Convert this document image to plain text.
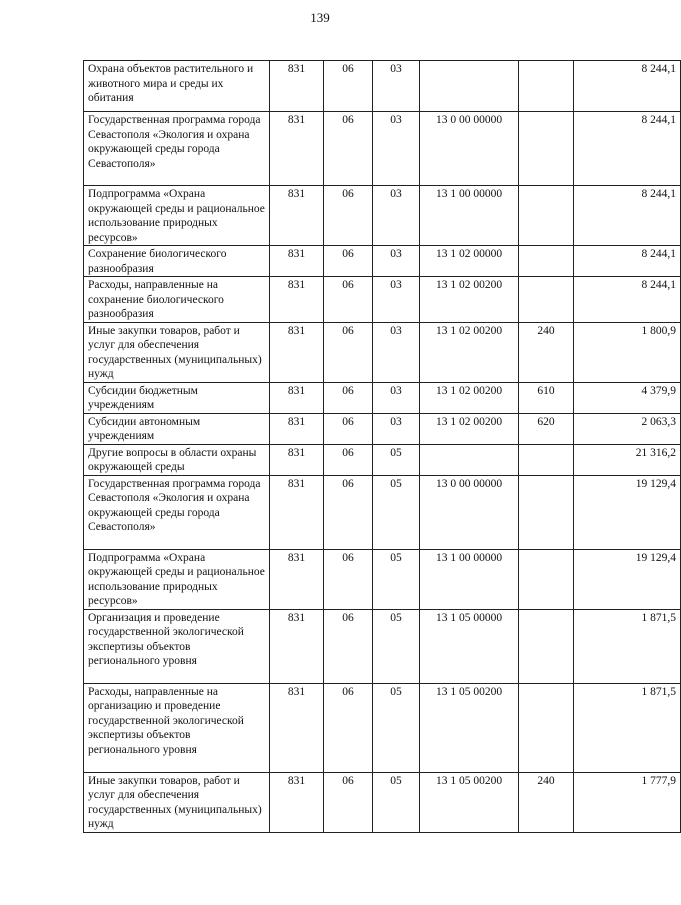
139
Охрана объектов растительного и животного мира и среды их обитания	831	06	03			8 244,1
Государственная программа города Севастополя «Экология и охрана окружающей среды города Севастополя»	831	06	03	13 0 00 00000		8 244,1
Подпрограмма «Охрана окружающей среды и рациональное использование природных ресурсов»	831	06	03	13 1 00 00000		8 244,1
Сохранение биологического разнообразия	831	06	03	13 1 02 00000		8 244,1
Расходы, направленные на сохранение биологического разнообразия	831	06	03	13 1 02 00200		8 244,1
Иные закупки товаров, работ и услуг для обеспечения государственных (муниципальных) нужд	831	06	03	13 1 02 00200	240	1 800,9
Субсидии бюджетным учреждениям	831	06	03	13 1 02 00200	610	4 379,9
Субсидии автономным учреждениям	831	06	03	13 1 02 00200	620	2 063,3
Другие вопросы в области охраны окружающей среды	831	06	05			21 316,2
Государственная программа города Севастополя «Экология и охрана окружающей среды города Севастополя»	831	06	05	13 0 00 00000		19 129,4
Подпрограмма «Охрана окружающей среды и рациональное использование природных ресурсов»	831	06	05	13 1 00 00000		19 129,4
Организация и проведение государственной экологической экспертизы объектов регионального уровня	831	06	05	13 1 05 00000		1 871,5
Расходы, направленные на организацию и проведение государственной экологической экспертизы объектов регионального уровня	831	06	05	13 1 05 00200		1 871,5
Иные закупки товаров, работ и услуг для обеспечения государственных (муниципальных) нужд	831	06	05	13 1 05 00200	240	1 777,9
